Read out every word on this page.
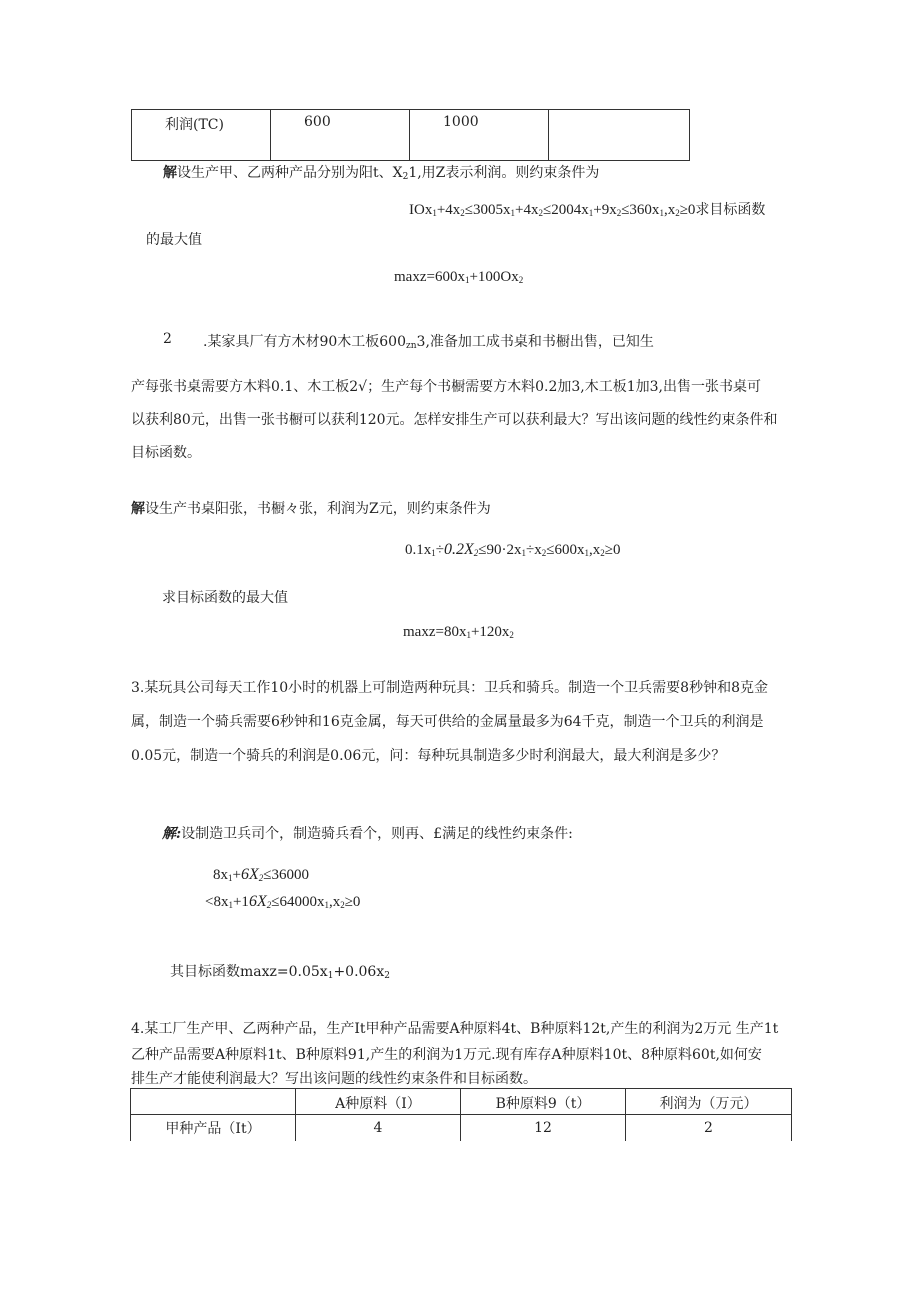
利润(TC)	600	1000	
解设生产甲、乙两种产品分别为阳t、$X_21$,用Z表示利润。则约束条件为
$IOx_1+4x_2\le 3005x_1+4x_2\le 2004x_1+9x_2\le 360x_1,x_2\ge 0$求目标函数
的最大值
$\max z=600x_1+100Ox_2$
2 .某家具厂有方木材90木工板$600_{zn}3$,准备加工成书桌和书橱出售，已知生
产每张书桌需要方木料0.1、木工板2√；生产每个书橱需要方木料0.2加3,木工板1加3,出售一张书桌可
以获利80元，出售一张书橱可以获利120元。怎样安排生产可以获利最大？写出该问题的线性约束条件和
目标函数。
解设生产书桌阳张，书橱々张，利润为Z元，则约束条件为
$0.1x_1\div 0.2X_2\le 90\cdot 2x_1\div x_2\le 600x_1,x_2\ge 0$
求目标函数的最大值
$\max z=80x_1+120x_2$
3.某玩具公司每天工作10小时的机器上可制造两种玩具：卫兵和骑兵。制造一个卫兵需要8秒钟和8克金
属，制造一个骑兵需要6秒钟和16克金属，每天可供给的金属量最多为64千克，制造一个卫兵的利润是
0.05元，制造一个骑兵的利润是0.06元，问：每种玩具制造多少时利润最大，最大利润是多少？
解:设制造卫兵司个，制造骑兵看个，则再、£满足的线性约束条件:
$8x_1+6X_2\le 36000$
$<8x_1+16X_2\le 64000x_1,x_2\ge 0$
其目标函数$\max z=0.05x_1+0.06x_2$
4.某工厂生产甲、乙两种产品，生产It甲种产品需要A种原料4t、B种原料12t,产生的利润为2万元 生产1t
乙种产品需要A种原料1t、B种原料91,产生的利润为1万元.现有库存A种原料10t、8种原料60t,如何安
排生产才能使利润最大？写出该问题的线性约束条件和目标函数。
	A种原料（I）	B种原料9（t）	利润为（万元）
甲种产品（It）	4	12	2
